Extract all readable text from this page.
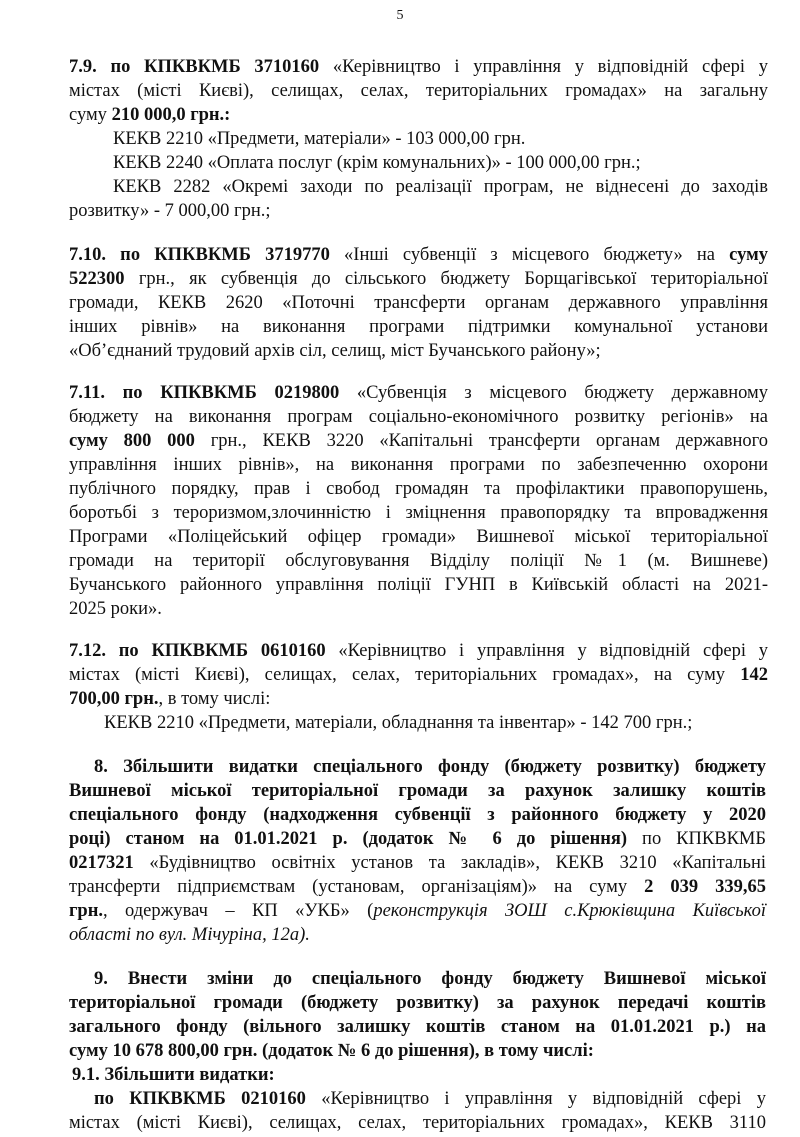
5
7.9. по КПКВКМБ 3710160 «Керівництво і управління у відповідній сфері у
містах (місті Києві), селищах, селах, територіальних громадах» на загальну
суму 210 000,0 грн.:
КЕКВ 2210 «Предмети, матеріали» - 103 000,00 грн.
КЕКВ 2240 «Оплата послуг (крім комунальних)» - 100 000,00 грн.;
КЕКВ 2282 «Окремі заходи по реалізації програм, не віднесені до заходів
розвитку» - 7 000,00 грн.;
7.10. по КПКВКМБ 3719770 «Інші субвенції з місцевого бюджету» на суму
522300 грн., як субвенція до сільського бюджету Борщагівської територіальної
громади, КЕКВ 2620 «Поточні трансферти органам державного управління
інших рівнів» на виконання програми підтримки комунальної установи
«Об’єднаний трудовий архів сіл, селищ, міст Бучанського району»;
7.11. по КПКВКМБ 0219800 «Субвенція з місцевого бюджету державному
бюджету на виконання програм соціально-економічного розвитку регіонів» на
суму 800 000 грн., КЕКВ 3220 «Капітальні трансферти органам державного
управління інших рівнів», на виконання програми по забезпеченню охорони
публічного порядку, прав і свобод громадян та профілактики правопорушень,
боротьбі з тероризмом,злочинністю і зміцнення правопорядку та впровадження
Програми «Поліцейський офіцер громади» Вишневої міської територіальної
громади на території обслуговування Відділу поліції №1 (м. Вишневе)
Бучанського районного управління поліції ГУНП в Київській області на 2021-
2025 роки».
7.12. по КПКВКМБ 0610160 «Керівництво і управління у відповідній сфері у
містах (місті Києві), селищах, селах, територіальних громадах», на суму 142
700,00 грн., в тому числі:
КЕКВ 2210 «Предмети, матеріали, обладнання та інвентар» - 142 700 грн.;
8. Збільшити видатки спеціального фонду (бюджету розвитку) бюджету
Вишневої міської територіальної громади за рахунок залишку коштів
спеціального фонду (надходження субвенції з районного бюджету у 2020
році) станом на 01.01.2021 р. (додаток № 6 до рішення) по КПКВКМБ
0217321 «Будівництво освітніх установ та закладів», КЕКВ 3210 «Капітальні
трансферти підприємствам (установам, організаціям)» на суму 2 039 339,65
грн., одержувач – КП «УКБ» (реконструкція ЗОШ с.Крюківщина Київської
області по вул. Мічуріна, 12а).
9. Внести зміни до спеціального фонду бюджету Вишневої міської
територіальної громади (бюджету розвитку) за рахунок передачі коштів
загального фонду (вільного залишку коштів станом на 01.01.2021 р.) на
суму 10 678 800,00 грн. (додаток № 6 до рішення), в тому числі:
9.1. Збільшити видатки:
по КПКВКМБ 0210160 «Керівництво і управління у відповідній сфері у
містах (місті Києві), селищах, селах, територіальних громадах», КЕКВ 3110
